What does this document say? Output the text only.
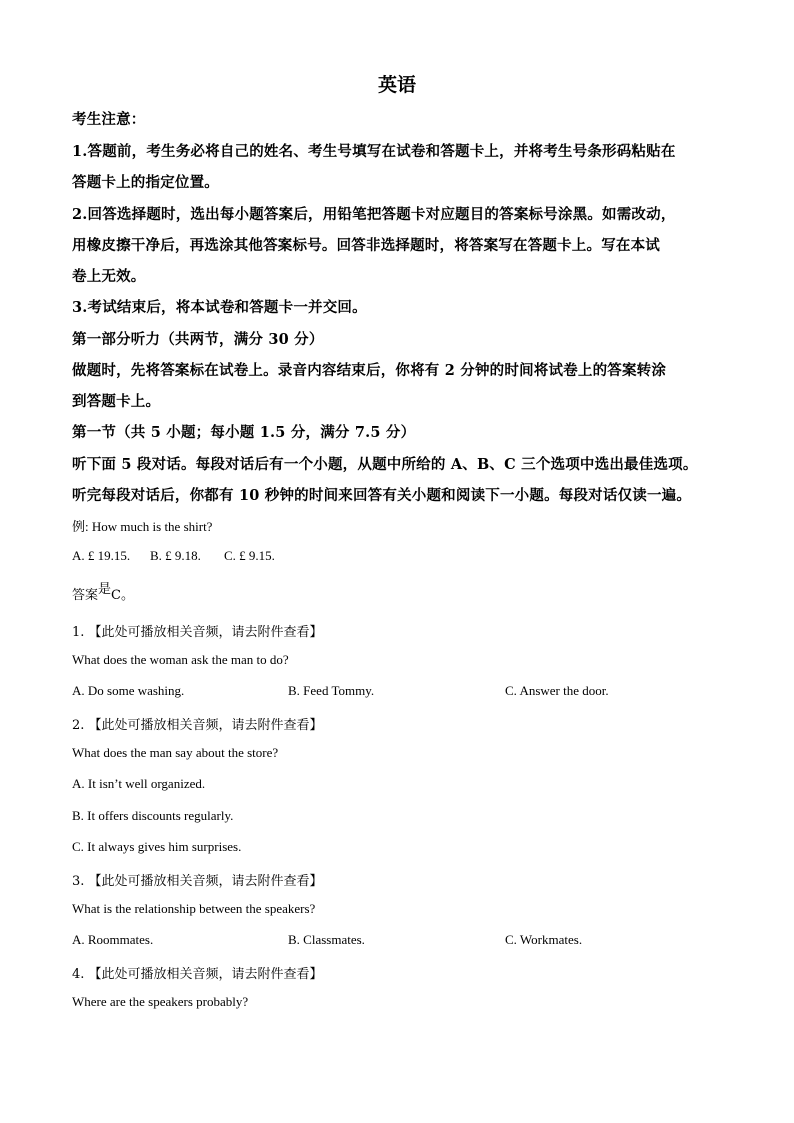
英语
考生注意：
1.答题前，考生务必将自己的姓名、考生号填写在试卷和答题卡上，并将考生号条形码粘贴在
答题卡上的指定位置。
2.回答选择题时，选出每小题答案后，用铅笔把答题卡对应题目的答案标号涂黑。如需改动，
用橡皮擦干净后，再选涂其他答案标号。回答非选择题时，将答案写在答题卡上。写在本试
卷上无效。
3.考试结束后，将本试卷和答题卡一并交回。
第一部分听力（共两节，满分 30 分）
做题时，先将答案标在试卷上。录音内容结束后，你将有 2 分钟的时间将试卷上的答案转涂
到答题卡上。
第一节（共 5 小题；每小题 1.5 分，满分 7.5 分）
听下面 5 段对话。每段对话后有一个小题，从题中所给的 A、B、C 三个选项中选出最佳选项。
听完每段对话后，你都有 10 秒钟的时间来回答有关小题和阅读下一小题。每段对话仅读一遍。
例: How much is the shirt?
A. £ 19.15. B. £ 9.18. C. £ 9.15.
答案是C。
1. 【此处可播放相关音频，请去附件查看】
What does the woman ask the man to do?
A. Do some washing.	B. Feed Tommy.	C. Answer the door.
2. 【此处可播放相关音频，请去附件查看】
What does the man say about the store?
A. It isn’t well organized.
B. It offers discounts regularly.
C. It always gives him surprises.
3. 【此处可播放相关音频，请去附件查看】
What is the relationship between the speakers?
A. Roommates.	B. Classmates.	C. Workmates.
4. 【此处可播放相关音频，请去附件查看】
Where are the speakers probably?
